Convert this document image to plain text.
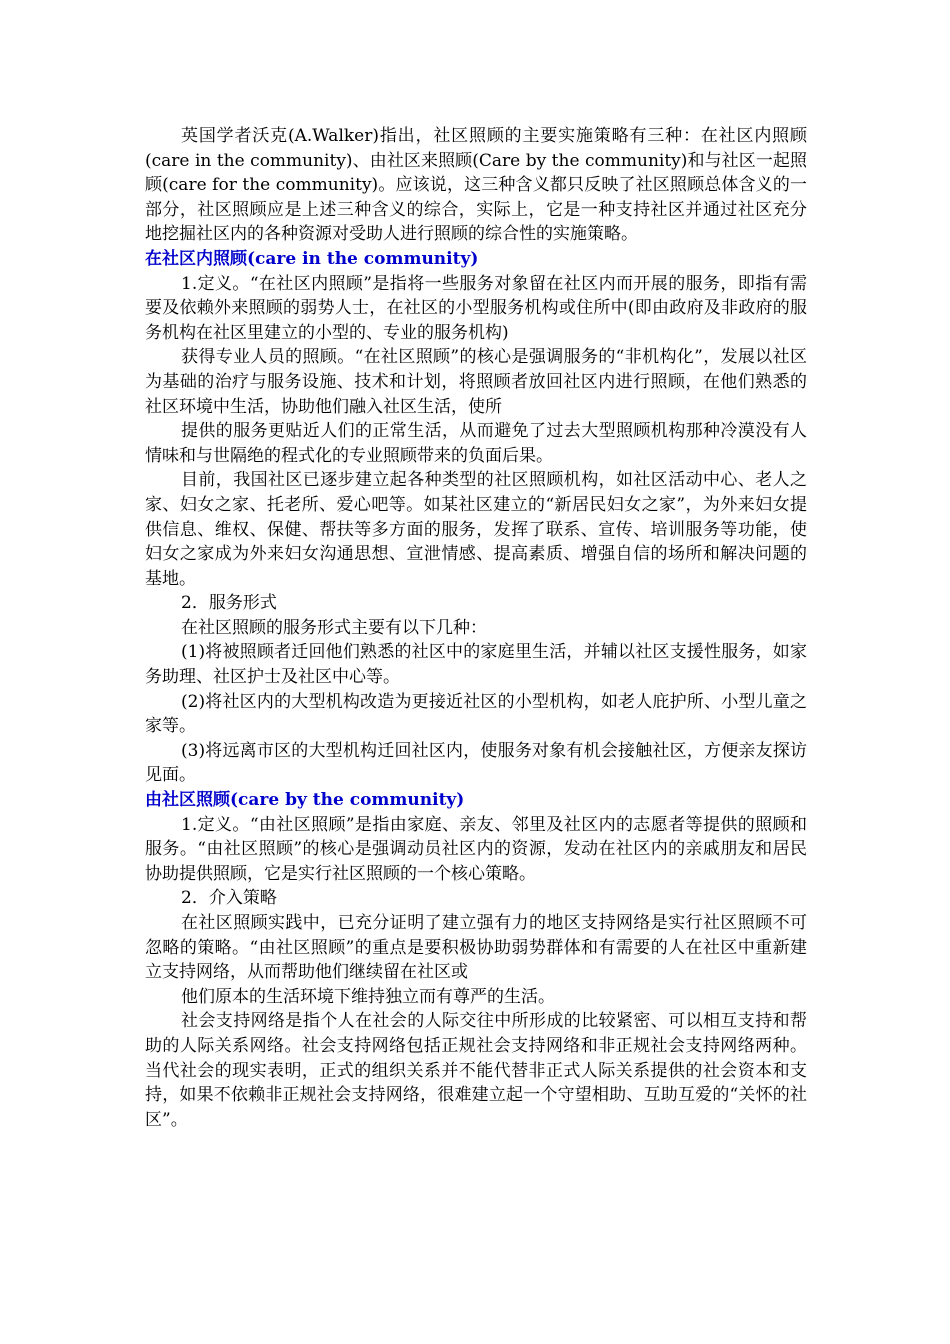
英国学者沃克(A.Walker)指出，社区照顾的主要实施策略有三种：在社区内照顾(care in the community)、由社区来照顾(Care by the community)和与社区一起照顾(care for the community)。应该说，这三种含义都只反映了社区照顾总体含义的一部分，社区照顾应是上述三种含义的综合，实际上，它是一种支持社区并通过社区充分地挖掘社区内的各种资源对受助人进行照顾的综合性的实施策略。

在社区内照顾(care in the community)

1.定义。“在社区内照顾”是指将一些服务对象留在社区内而开展的服务，即指有需要及依赖外来照顾的弱势人士，在社区的小型服务机构或住所中(即由政府及非政府的服务机构在社区里建立的小型的、专业的服务机构)

获得专业人员的照顾。“在社区照顾”的核心是强调服务的“非机构化”，发展以社区为基础的治疗与服务设施、技术和计划，将照顾者放回社区内进行照顾，在他们熟悉的社区环境中生活，协助他们融入社区生活，使所

提供的服务更贴近人们的正常生活，从而避免了过去大型照顾机构那种冷漠没有人情味和与世隔绝的程式化的专业照顾带来的负面后果。

目前，我国社区已逐步建立起各种类型的社区照顾机构，如社区活动中心、老人之家、妇女之家、托老所、爱心吧等。如某社区建立的“新居民妇女之家”，为外来妇女提供信息、维权、保健、帮扶等多方面的服务，发挥了联系、宣传、培训服务等功能，使妇女之家成为外来妇女沟通思想、宣泄情感、提高素质、增强自信的场所和解决问题的基地。

2．服务形式

在社区照顾的服务形式主要有以下几种：

(1)将被照顾者迁回他们熟悉的社区中的家庭里生活，并辅以社区支援性服务，如家务助理、社区护士及社区中心等。

(2)将社区内的大型机构改造为更接近社区的小型机构，如老人庇护所、小型儿童之家等。

(3)将远离市区的大型机构迁回社区内，使服务对象有机会接触社区，方便亲友探访见面。

由社区照顾(care by the community)

1.定义。“由社区照顾”是指由家庭、亲友、邻里及社区内的志愿者等提供的照顾和服务。“由社区照顾”的核心是强调动员社区内的资源，发动在社区内的亲戚朋友和居民协助提供照顾，它是实行社区照顾的一个核心策略。

2．介入策略

在社区照顾实践中，已充分证明了建立强有力的地区支持网络是实行社区照顾不可忽略的策略。“由社区照顾”的重点是要积极协助弱势群体和有需要的人在社区中重新建立支持网络，从而帮助他们继续留在社区或

他们原本的生活环境下维持独立而有尊严的生活。

社会支持网络是指个人在社会的人际交往中所形成的比较紧密、可以相互支持和帮助的人际关系网络。社会支持网络包括正规社会支持网络和非正规社会支持网络两种。当代社会的现实表明，正式的组织关系并不能代替非正式人际关系提供的社会资本和支持，如果不依赖非正规社会支持网络，很难建立起一个守望相助、互助互爱的“关怀的社区”。
